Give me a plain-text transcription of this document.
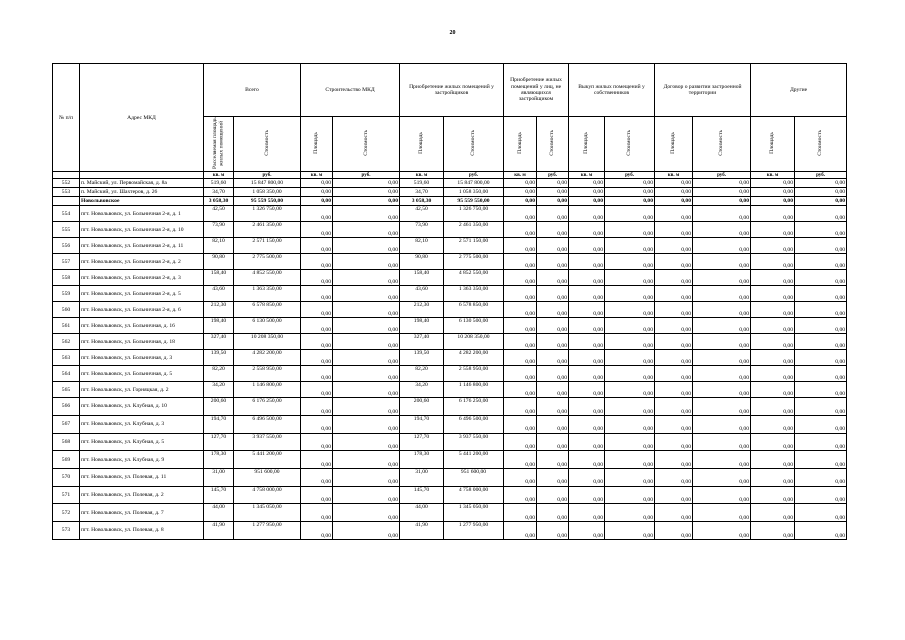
20
№ п/п	Адрес МКД	Всего		Строительство МКД		Приобретение жилых помещений у застройщиков		Приобретение жилых помещений у лиц, не являющихся застройщиком		Выкуп жилых помещений у собственников		Договор о развитии застроенной территории		Другие	
		Расселяемая площадь жилых помещений	Стоимость	Площадь	Стоимость	Площадь	Стоимость	Площадь	Стоимость	Площадь	Стоимость	Площадь	Стоимость	Площадь	Стоимость
		кв. м	руб.	кв. м	руб.	кв. м	руб.	кв. м	руб.	кв. м	руб.	кв. м	руб.	кв. м	руб.
552	п. Майский, ул. Первомайская, д. 8а	519,60	15 847 800,00	0,00	0,00	519,60	15 847 800,00	0,00	0,00	0,00	0,00	0,00	0,00	0,00	0,00
553	п. Майский, ул. Шахтеров, д. 26	34,70	1 058 350,00	0,00	0,00	34,70	1 058 350,00	0,00	0,00	0,00	0,00	0,00	0,00	0,00	0,00
	Новольвовское	3 058,30	95 559 550,00	0,00	0,00	3 058,30	95 559 550,00	0,00	0,00	0,00	0,00	0,00	0,00	0,00	0,00
554	пгт. Новольвовск, ул. Больничная 2-я, д. 1	42,50	1 326 750,00	0,00	0,00	42,50	1 326 750,00	0,00	0,00	0,00	0,00	0,00	0,00	0,00	0,00
555	пгт. Новольвовск, ул. Больничная 2-я, д. 10	73,90	2 461 350,00	0,00	0,00	73,90	2 461 350,00	0,00	0,00	0,00	0,00	0,00	0,00	0,00	0,00
556	пгт. Новольвовск, ул. Больничная 2-я, д. 11	82,10	2 571 150,00	0,00	0,00	82,10	2 571 150,00	0,00	0,00	0,00	0,00	0,00	0,00	0,00	0,00
557	пгт. Новольвовск, ул. Больничная 2-я, д. 2	90,80	2 775 500,00	0,00	0,00	90,80	2 775 500,00	0,00	0,00	0,00	0,00	0,00	0,00	0,00	0,00
558	пгт. Новольвовск, ул. Больничная 2-я, д. 3	158,40	4 852 550,00	0,00	0,00	158,40	4 852 550,00	0,00	0,00	0,00	0,00	0,00	0,00	0,00	0,00
559	пгт. Новольвовск, ул. Больничная 2-я, д. 5	43,60	1 363 350,00	0,00	0,00	43,60	1 363 350,00	0,00	0,00	0,00	0,00	0,00	0,00	0,00	0,00
560	пгт. Новольвовск, ул. Больничная 2-я, д. 6	212,30	6 578 850,00	0,00	0,00	212,30	6 578 850,00	0,00	0,00	0,00	0,00	0,00	0,00	0,00	0,00
561	пгт. Новольвовск, ул. Больничная, д. 16	198,40	6 130 500,00	0,00	0,00	198,40	6 130 500,00	0,00	0,00	0,00	0,00	0,00	0,00	0,00	0,00
562	пгт. Новольвовск, ул. Больничная, д. 18	327,40	10 208 350,00	0,00	0,00	327,40	10 208 350,00	0,00	0,00	0,00	0,00	0,00	0,00	0,00	0,00
563	пгт. Новольвовск, ул. Больничная, д. 3	139,50	4 282 200,00	0,00	0,00	139,50	4 282 200,00	0,00	0,00	0,00	0,00	0,00	0,00	0,00	0,00
564	пгт. Новольвовск, ул. Больничная, д. 5	82,20	2 558 950,00	0,00	0,00	82,20	2 558 950,00	0,00	0,00	0,00	0,00	0,00	0,00	0,00	0,00
565	пгт. Новольвовск, ул. Горняцкая, д. 2	34,20	1 146 800,00	0,00	0,00	34,20	1 146 800,00	0,00	0,00	0,00	0,00	0,00	0,00	0,00	0,00
566	пгт. Новольвовск, ул. Клубная, д. 10	200,60	6 176 250,00	0,00	0,00	200,60	6 176 250,00	0,00	0,00	0,00	0,00	0,00	0,00	0,00	0,00
567	пгт. Новольвовск, ул. Клубная, д. 3	194,70	6 496 500,00	0,00	0,00	194,70	6 496 500,00	0,00	0,00	0,00	0,00	0,00	0,00	0,00	0,00
568	пгт. Новольвовск, ул. Клубная, д. 5	127,70	3 937 550,00	0,00	0,00	127,70	3 937 550,00	0,00	0,00	0,00	0,00	0,00	0,00	0,00	0,00
569	пгт. Новольвовск, ул. Клубная, д. 9	178,30	5 441 200,00	0,00	0,00	178,30	5 441 200,00	0,00	0,00	0,00	0,00	0,00	0,00	0,00	0,00
570	пгт. Новольвовск, ул. Полевая, д. 11	31,00	951 600,00	0,00	0,00	31,00	951 600,00	0,00	0,00	0,00	0,00	0,00	0,00	0,00	0,00
571	пгт. Новольвовск, ул. Полевая, д. 2	145,70	4 758 000,00	0,00	0,00	145,70	4 758 000,00	0,00	0,00	0,00	0,00	0,00	0,00	0,00	0,00
572	пгт. Новольвовск, ул. Полевая, д. 7	44,00	1 345 050,00	0,00	0,00	44,00	1 345 050,00	0,00	0,00	0,00	0,00	0,00	0,00	0,00	0,00
573	пгт. Новольвовск, ул. Полевая, д. 8	41,90	1 277 950,00	0,00	0,00	41,90	1 277 950,00	0,00	0,00	0,00	0,00	0,00	0,00	0,00	0,00
